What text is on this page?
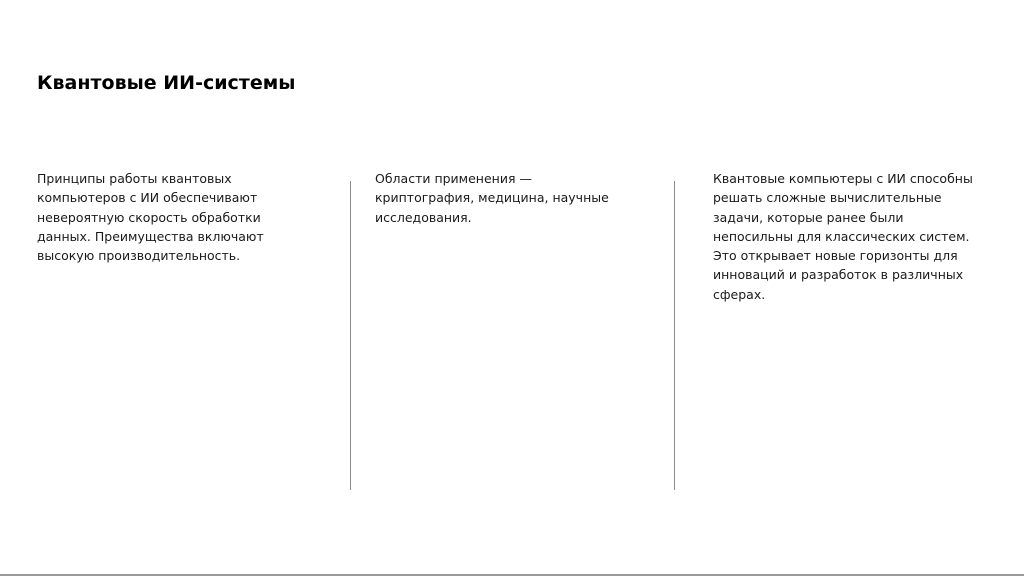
Квантовые ИИ-системы

Принципы работы квантовых компьютеров с ИИ обеспечивают невероятную скорость обработки данных. Преимущества включают высокую производительность.

Области применения — криптография, медицина, научные исследования.

Квантовые компьютеры с ИИ способны решать сложные вычислительные задачи, которые ранее были непосильны для классических систем. Это открывает новые горизонты для инноваций и разработок в различных сферах.
